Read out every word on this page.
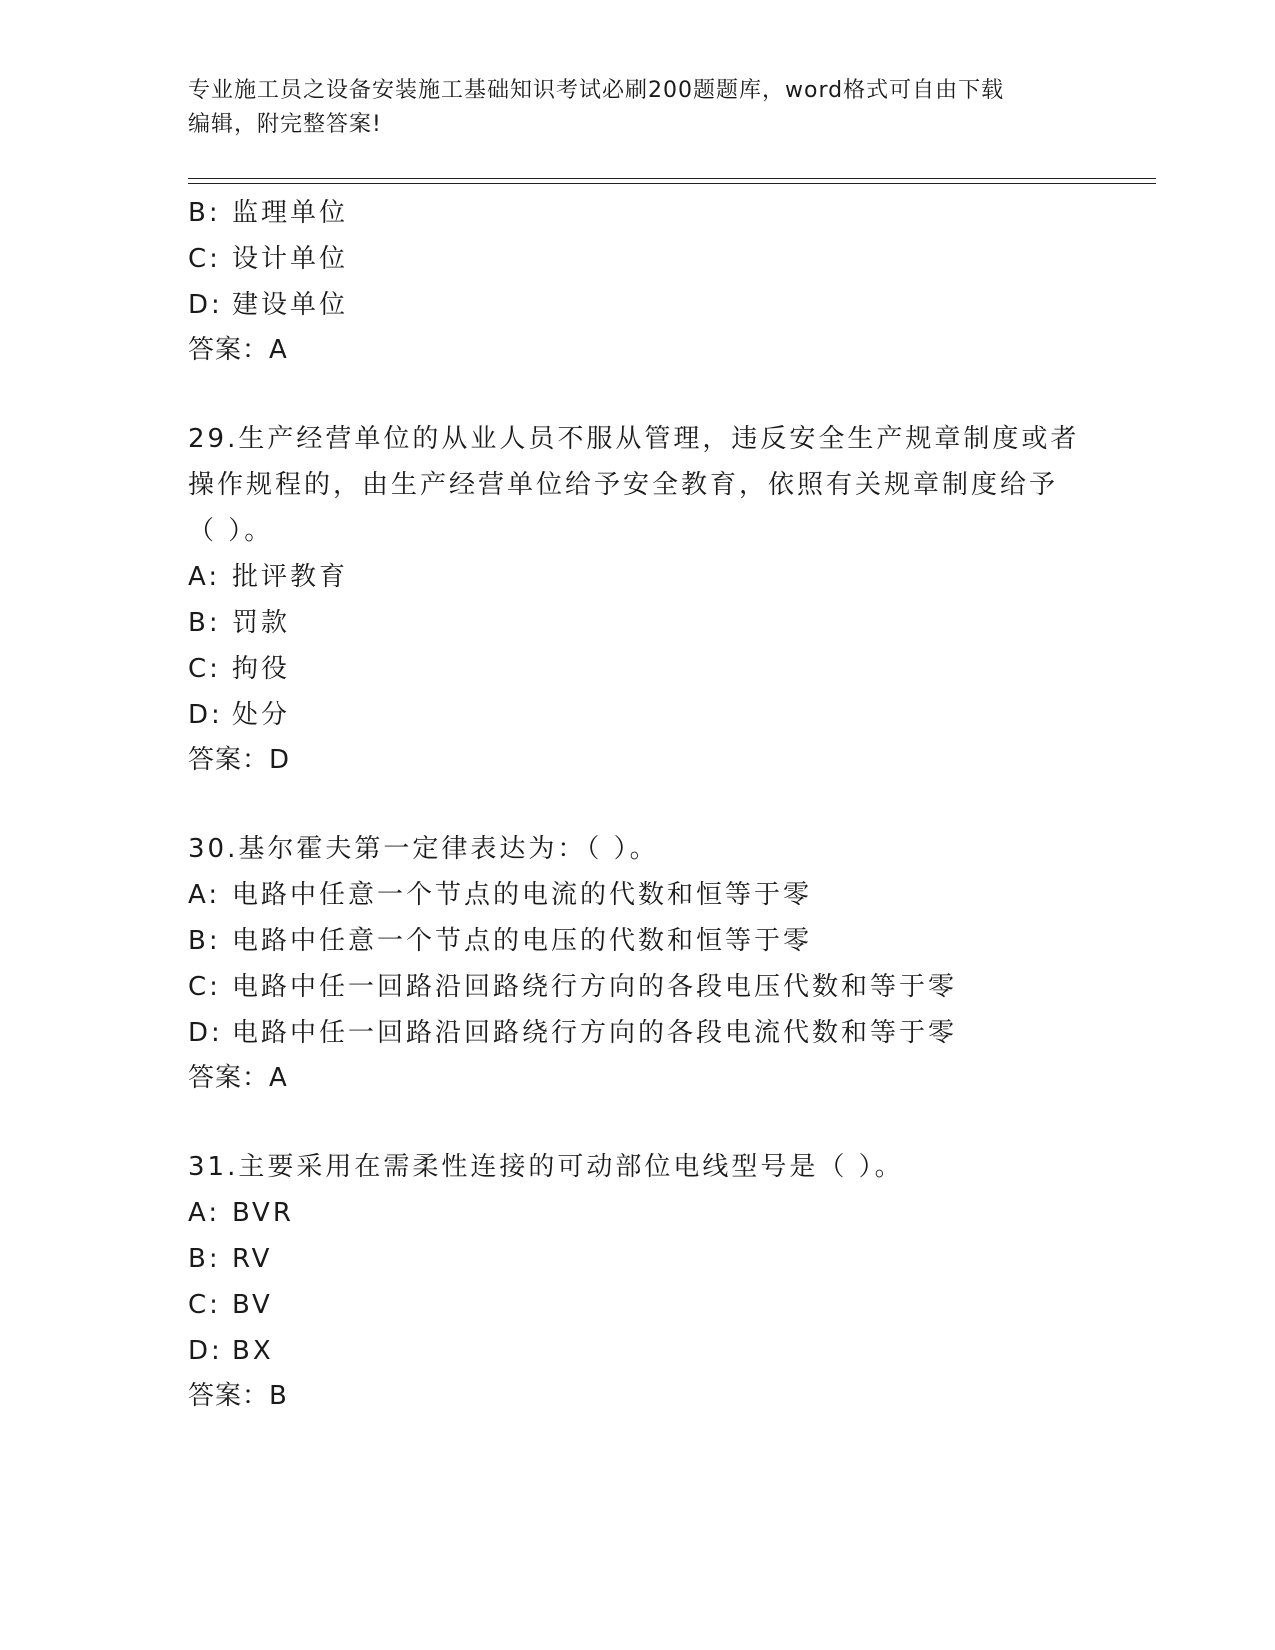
专业施工员之设备安装施工基础知识考试必刷200题题库，word格式可自由下载
编辑，附完整答案!
B: 监理单位
C: 设计单位
D: 建设单位
答案：A
29.生产经营单位的从业人员不服从管理，违反安全生产规章制度或者
操作规程的，由生产经营单位给予安全教育，依照有关规章制度给予
（ ）。
A: 批评教育
B: 罚款
C: 拘役
D: 处分
答案：D
30.基尔霍夫第一定律表达为：（ ）。
A: 电路中任意一个节点的电流的代数和恒等于零
B: 电路中任意一个节点的电压的代数和恒等于零
C: 电路中任一回路沿回路绕行方向的各段电压代数和等于零
D: 电路中任一回路沿回路绕行方向的各段电流代数和等于零
答案：A
31.主要采用在需柔性连接的可动部位电线型号是（ ）。
A: BVR
B: RV
C: BV
D: BX
答案：B
